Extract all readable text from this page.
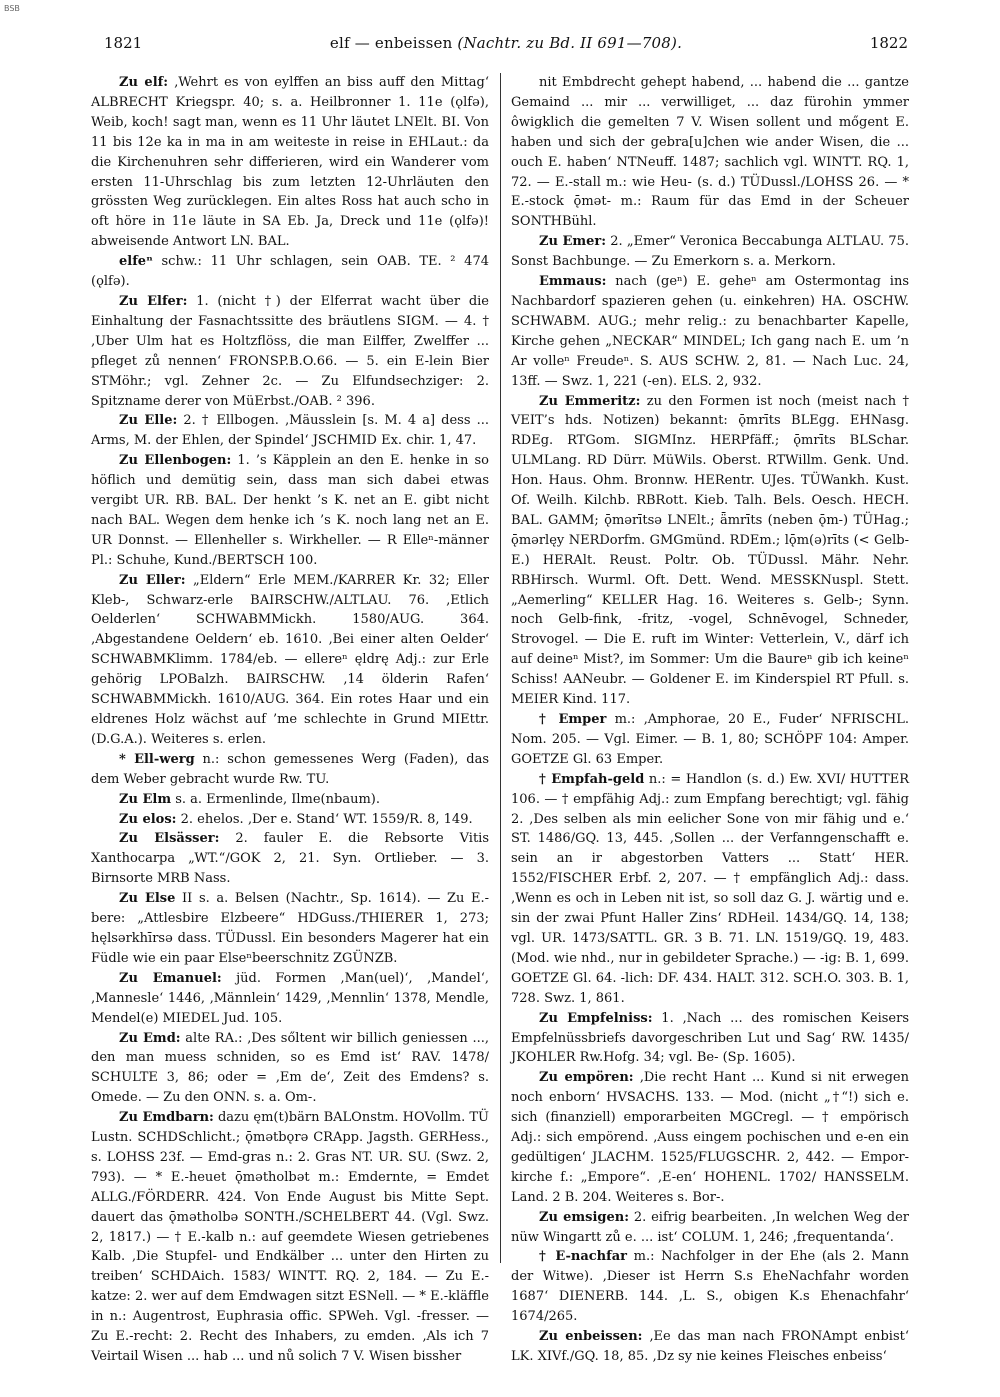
BSB
1821	elf — enbeissen (Nachtr. zu Bd. II 691—708).	1822

Zu elf: ‚Wehrt es von eylffen an biss auff den Mittag‘ ALBRECHT Kriegspr. 40; s. a. Heilbronner 1. 11e (ǫlfə), Weib, koch! sagt man, wenn es 11 Uhr läutet LNElt. BI. Von 11 bis 12e ka in ma in am weiteste in reise in EHLaut.: da die Kirchenuhren sehr differieren, wird ein Wanderer vom ersten 11-Uhrschlag bis zum letzten 12-Uhrläuten den grössten Weg zurücklegen. Ein altes Ross hat auch scho in oft höre in 11e läute in SA Eb. Ja, Dreck und 11e (ǫlfə)! abweisende Antwort LN. BAL.

elfeⁿ schw.: 11 Uhr schlagen, sein OAB. TE. ² 474 (ǫlfə).

Zu Elfer: 1. (nicht †) der Elferrat wacht über die Einhaltung der Fasnachtssitte des bräutlens SIGM. — 4. † ‚Uber Ulm hat es Holtzflöss, die man Eilffer, Zwelffer ... pfleget zů nennen‘ FRONSP.B.O.66. — 5. ein E-lein Bier STMöhr.; vgl. Zehner 2c. — Zu Elfundsechziger: 2. Spitzname derer von MüErbst./OAB. ² 396.

Zu Elle: 2. † Ellbogen. ‚Mäusslein [s. M. 4 a] dess ... Arms, M. der Ehlen, der Spindel‘ JSCHMID Ex. chir. 1, 47.

Zu Ellenbogen: 1. ’s Käpplein an den E. henke in so höflich und demütig sein, dass man sich dabei etwas vergibt UR. RB. BAL. Der henkt ’s K. net an E. gibt nicht nach BAL. Wegen dem henke ich ’s K. noch lang net an E. UR Donnst. — Ellenheller s. Wirkheller. — R Elleⁿ-männer Pl.: Schuhe, Kund./BERTSCH 100.

Zu Eller: „Eldern“ Erle MEM./KARRER Kr. 32; Eller Kleb-, Schwarz-erle BAIRSCHW./ALTLAU. 76. ‚Etlich Oelderlen‘ SCHWABMMickh. 1580/AUG. 364. ‚Abgestandene Oeldern‘ eb. 1610. ‚Bei einer alten Oelder‘ SCHWABMKlimm. 1784/eb. — ellereⁿ ęldrę Adj.: zur Erle gehörig LPOBalzh. BAIRSCHW. ‚14 ölderin Rafen‘ SCHWABMMickh. 1610/AUG. 364. Ein rotes Haar und ein eldrenes Holz wächst auf ’me schlechte in Grund MIEttr. (D.G.A.). Weiteres s. erlen.

* Ell-werg n.: schon gemessenes Werg (Faden), das dem Weber gebracht wurde Rw. TU.

Zu Elm s. a. Ermenlinde, Ilme(nbaum).

Zu elos: 2. ehelos. ‚Der e. Stand‘ WT. 1559/R. 8, 149.

Zu Elsässer: 2. fauler E. die Rebsorte Vitis Xanthocarpa „WT.“/GOK 2, 21. Syn. Ortlieber. — 3. Birnsorte MRB Nass.

Zu Else II s. a. Belsen (Nachtr., Sp. 1614). — Zu E.-bere: „Attlesbire Elzbeere“ HDGuss./THIERER 1, 273; hęlsərkhīrsə dass. TÜDussl. Ein besonders Magerer hat ein Füdle wie ein paar Elseⁿbeerschnitz ZGÜNZB.

Zu Emanuel: jüd. Formen ‚Man(uel)‘, ‚Mandel‘, ‚Mannesle‘ 1446, ‚Männlein‘ 1429, ‚Mennlin‘ 1378, Mendle, Mendel(e) MIEDEL Jud. 105.

Zu Emd: alte RA.: ‚Des sőltent wir billich geniessen ..., den man muess schniden, so es Emd ist‘ RAV. 1478/ SCHULTE 3, 86; oder = ‚Em de‘, Zeit des Emdens? s. Omede. — Zu den ONN. s. a. Om-.

Zu Emdbarn: dazu ęm(t)bärn BALOnstm. HOVollm. TÜ Lustn. SCHDSchlicht.; ǭmətbǫrə CRApp. Jagsth. GERHess., s. LOHSS 23f. — Emd-gras n.: 2. Gras NT. UR. SU. (Swz. 2, 793). — * E.-heuet ǭmətholbət m.: Emdernte, = Emdet ALLG./FÖRDERR. 424. Von Ende August bis Mitte Sept. dauert das ǭmətholbə SONTH./SCHELBERT 44. (Vgl. Swz. 2, 1817.) — † E.-kalb n.: auf geemdete Wiesen getriebenes Kalb. ‚Die Stupfel- und Endkälber ... unter den Hirten zu treiben‘ SCHDAich. 1583/ WINTT. RQ. 2, 184. — Zu E.-katze: 2. wer auf dem Emdwagen sitzt ESNell. — * E.-kläffle in n.: Augentrost, Euphrasia offic. SPWeh. Vgl. -fresser. — Zu E.-recht: 2. Recht des Inhabers, zu emden. ‚Als ich 7 Veirtail Wisen ... hab ... und nů solich 7 V. Wisen bissher

nit Embdrecht gehept habend, ... habend die ... gantze Gemaind ... mir ... verwilliget, ... daz fürohin ymmer ôwigklich die gemelten 7 V. Wisen sollent und mőgent E. haben und sich der gebra[u]chen wie ander Wisen, die ... ouch E. haben‘ NTNeuff. 1487; sachlich vgl. WINTT. RQ. 1, 72. — E.-stall m.: wie Heu- (s. d.) TÜDussl./LOHSS 26. — * E.-stock ǭmət- m.: Raum für das Emd in der Scheuer SONTHBühl.

Zu Emer: 2. „Emer“ Veronica Beccabunga ALTLAU. 75. Sonst Bachbunge. — Zu Emerkorn s. a. Merkorn.

Emmaus: nach (geⁿ) E. geheⁿ am Ostermontag ins Nachbardorf spazieren gehen (u. einkehren) HA. OSCHW. SCHWABM. AUG.; mehr relig.: zu benachbarter Kapelle, Kirche gehen „NECKAR“ MINDEL; Ich gang nach E. um ’n Ar volleⁿ Freudeⁿ. S. AUS SCHW. 2, 81. — Nach Luc. 24, 13ff. — Swz. 1, 221 (-en). ELS. 2, 932.

Zu Emmeritz: zu den Formen ist noch (meist nach † VEIT’s hds. Notizen) bekannt: ǭmrīts BLEgg. EHNasg. RDEg. RTGom. SIGMInz. HERPfäff.; ǭmrīts BLSchar. ULMLang. RD Dürr. MüWils. Oberst. RTWillm. Genk. Und. Hon. Haus. Ohm. Bronnw. HERentr. UJes. TÜWankh. Kust. Of. Weilh. Kilchb. RBRott. Kieb. Talh. Bels. Oesch. HECH. BAL. GAMM; ǭmərītsə LNElt.; ǟmrīts (neben ǭm-) TÜHag.; ǭmərlęy NERDorfm. GMGmünd. RDEm.; lǭm(ə)rīts (< Gelb-E.) HERAlt. Reust. Poltr. Ob. TÜDussl. Mähr. Nehr. RBHirsch. Wurml. Oft. Dett. Wend. MESSKNuspl. Stett. „Aemerling“ KELLER Hag. 16. Weiteres s. Gelb-; Synn. noch Gelb-fink, -fritz, -vogel, Schnēvogel, Schneder, Strovogel. — Die E. ruft im Winter: Vetterlein, V., därf ich auf deineⁿ Mist?, im Sommer: Um die Baureⁿ gib ich keineⁿ Schiss! AANeubr. — Goldener E. im Kinderspiel RT Pfull. s. MEIER Kind. 117.

† Emper m.: ‚Amphorae, 20 E., Fuder‘ NFRISCHL. Nom. 205. — Vgl. Eimer. — B. 1, 80; SCHÖPF 104: Amper. GOETZE Gl. 63 Emper.

† Empfah-geld n.: = Handlon (s. d.) Ew. XVI/ HUTTER 106. — † empfähig Adj.: zum Empfang berechtigt; vgl. fähig 2. ‚Des selben als min eelicher Sone von mir fähig und e.‘ ST. 1486/GQ. 13, 445. ‚Sollen ... der Verfanngenschafft e. sein an ir abgestorben Vatters ... Statt‘ HER. 1552/FISCHER Erbf. 2, 207. — † empfänglich Adj.: dass. ‚Wenn es och in Leben nit ist, so soll daz G. J. wärtig und e. sin der zwai Pfunt Haller Zins‘ RDHeil. 1434/GQ. 14, 138; vgl. UR. 1473/SATTL. GR. 3 B. 71. LN. 1519/GQ. 19, 483. (Mod. wie nhd., nur in gebildeter Sprache.) — -ig: B. 1, 699. GOETZE Gl. 64. -lich: DF. 434. HALT. 312. SCH.O. 303. B. 1, 728. Swz. 1, 861.

Zu Empfelniss: 1. ‚Nach ... des romischen Keisers Empfelnüssbriefs davorgeschriben Lut und Sag‘ RW. 1435/ JKOHLER Rw.Hofg. 34; vgl. Be- (Sp. 1605).

Zu empören: ‚Die recht Hant ... Kund si nit erwegen noch enborn‘ HVSACHS. 133. — Mod. (nicht „†“!) sich e. sich (finanziell) emporarbeiten MGCregl. — † empörisch Adj.: sich empörend. ‚Auss eingem pochischen und e-en ein gedültigen‘ JLACHM. 1525/FLUGSCHR. 2, 442. — Empor-kirche f.: „Empore“. ‚E-en‘ HOHENL. 1702/ HANSSELM. Land. 2 B. 204. Weiteres s. Bor-.

Zu emsigen: 2. eifrig bearbeiten. ‚In welchen Weg der nüw Wingartt zů e. ... ist‘ COLUM. 1, 246; ‚frequentanda‘.

† E-nachfar m.: Nachfolger in der Ehe (als 2. Mann der Witwe). ‚Dieser ist Herrn S.s EheNachfahr worden 1687‘ DIENERB. 144. ‚L. S., obigen K.s Ehenachfahr‘ 1674/265.

Zu enbeissen: ‚Ee das man nach FRONAmpt enbist‘ LK. XIVf./GQ. 18, 85. ‚Dz sy nie keines Fleisches enbeiss‘
